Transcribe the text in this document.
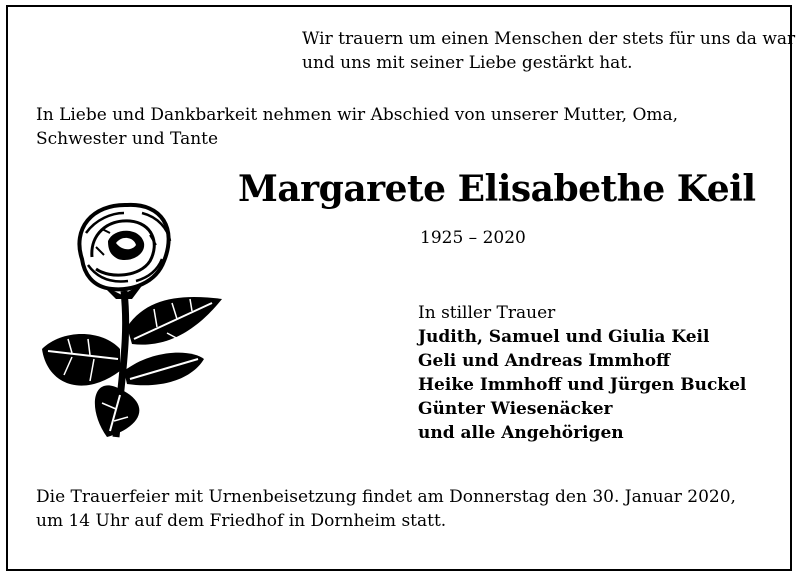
Wir trauern um einen Menschen der stets für uns da war
und uns mit seiner Liebe gestärkt hat.
In Liebe und Dankbarkeit nehmen wir Abschied von unserer Mutter, Oma,
Schwester und Tante
Margarete Elisabethe Keil
1925 – 2020
In stiller Trauer
Judith, Samuel und Giulia Keil
Geli und Andreas Immhoff
Heike Immhoff und Jürgen Buckel
Günter Wiesenäcker
und alle Angehörigen
Die Trauerfeier mit Urnenbeisetzung findet am Donnerstag den 30. Januar 2020,
um 14 Uhr auf dem Friedhof in Dornheim statt.
